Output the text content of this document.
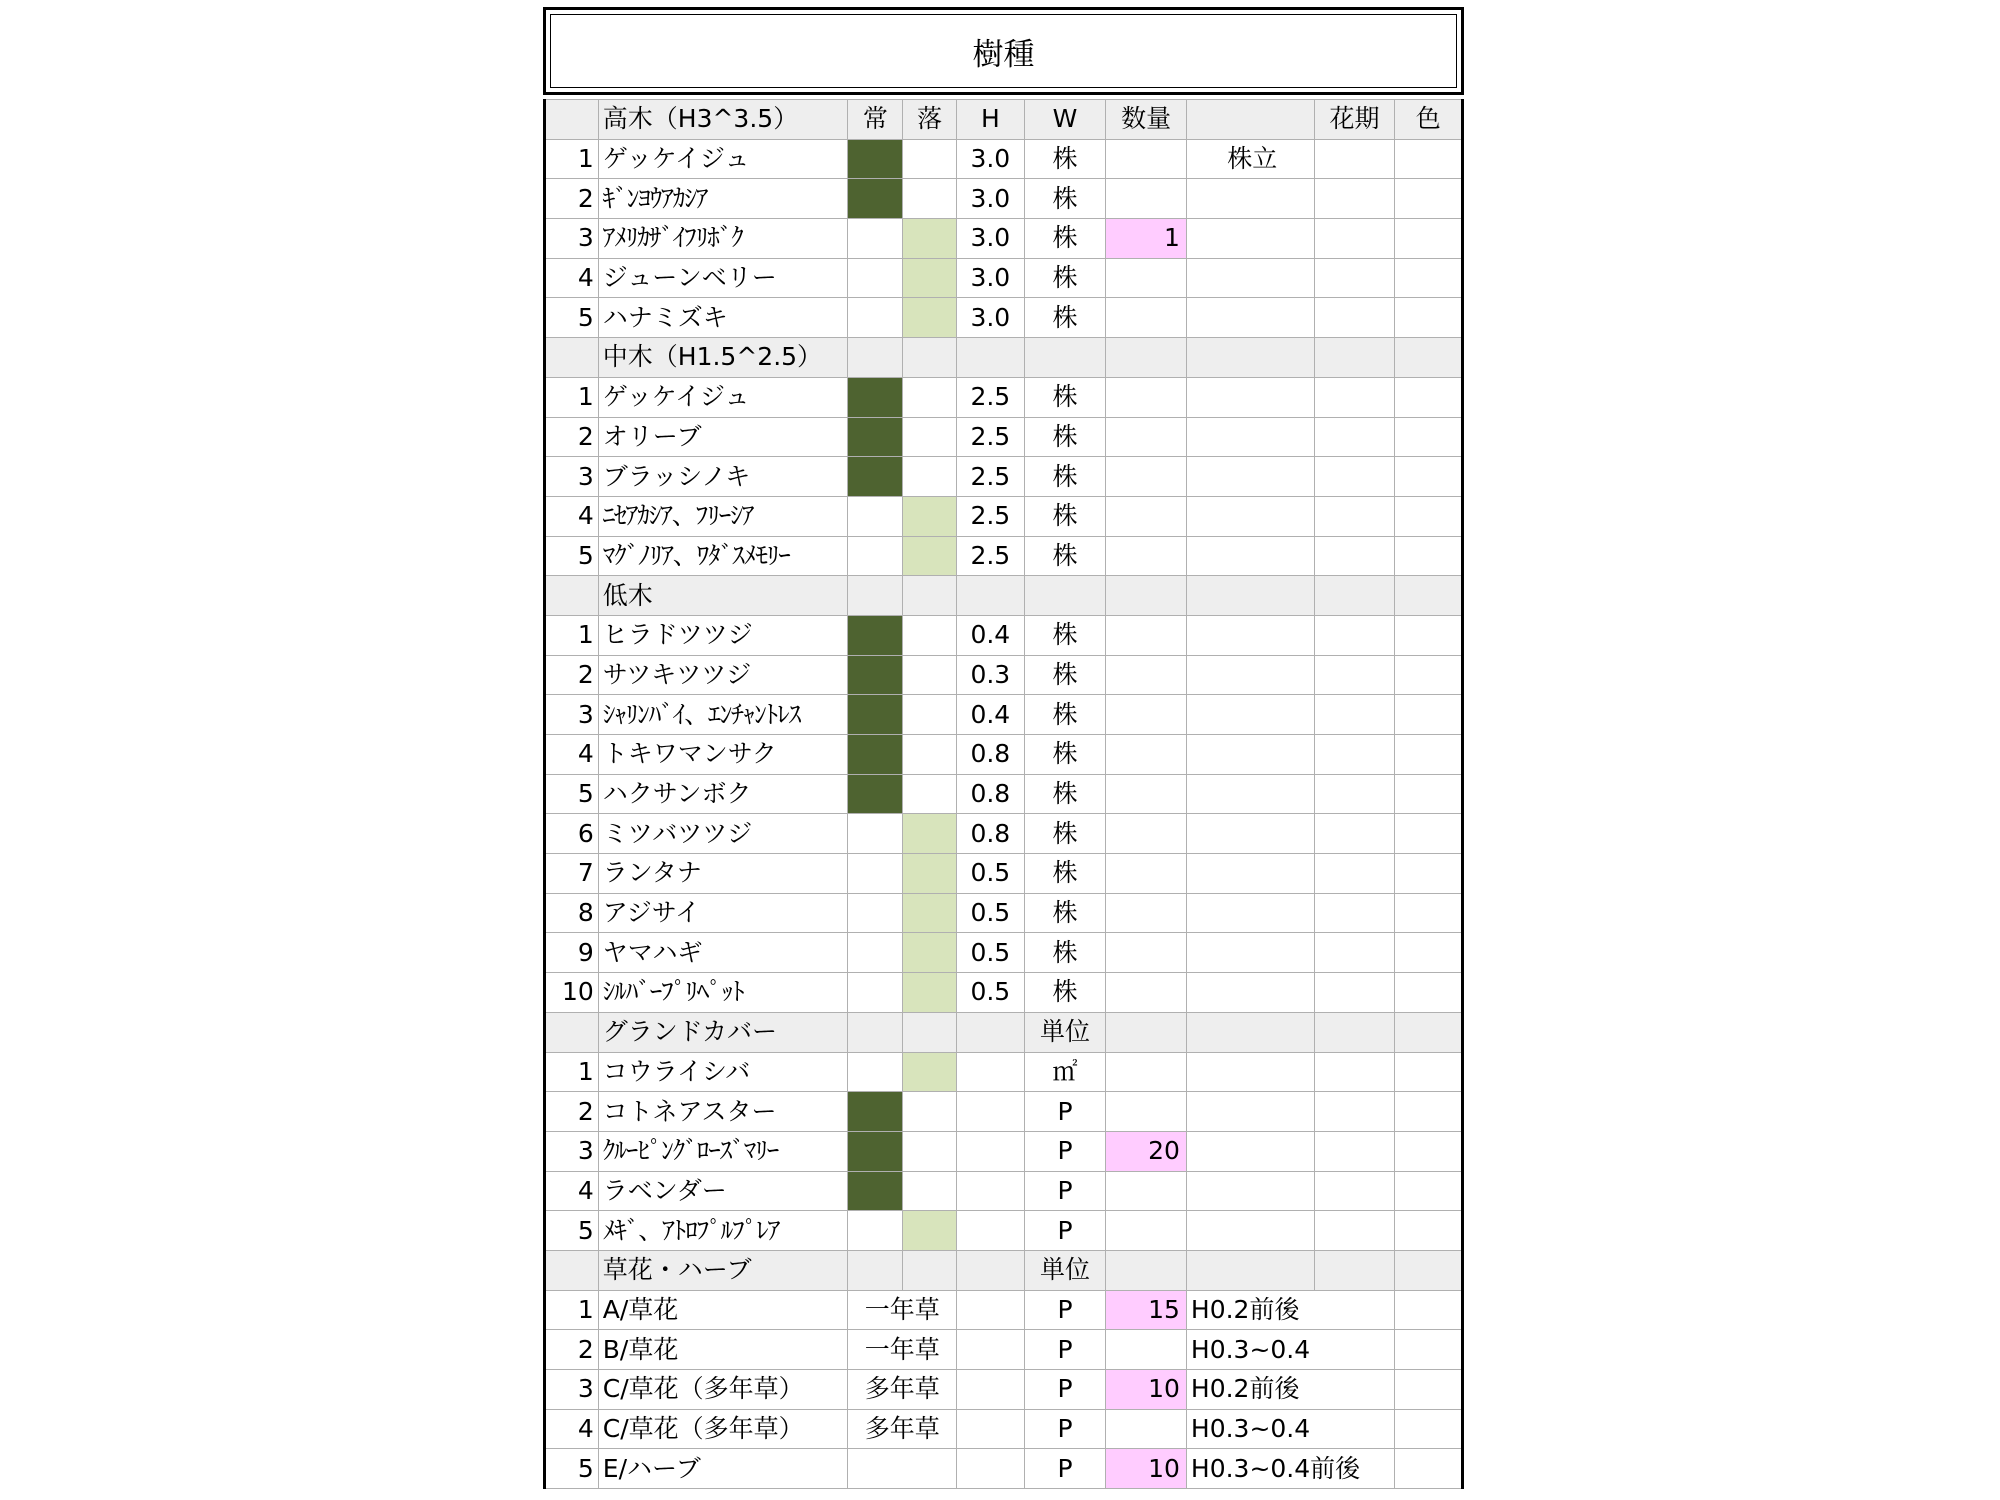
樹種
	高木（H3^3.5）	常	落	H	W	数量		花期	色
1	ゲッケイジュ			3.0	株		株立		
2	ｷﾞﾝﾖｳｱｶｼｱ			3.0	株				
3	ｱﾒﾘｶｻﾞｲﾌﾘﾎﾞｸ			3.0	株	1			
4	ジューンベリー			3.0	株				
5	ハナミズキ			3.0	株				
	中木（H1.5^2.5）								
1	ゲッケイジュ			2.5	株				
2	オリーブ			2.5	株				
3	ブラッシノキ			2.5	株				
4	ﾆｾｱｶｼｱ、ﾌﾘｰｼｱ			2.5	株				
5	ﾏｸﾞﾉﾘｱ、ﾜﾀﾞｽﾒﾓﾘｰ			2.5	株				
	低木								
1	ヒラドツツジ			0.4	株				
2	サツキツツジ			0.3	株				
3	ｼｬﾘﾝﾊﾞｲ、ｴﾝﾁｬﾝﾄﾚｽ			0.4	株				
4	トキワマンサク			0.8	株				
5	ハクサンボク			0.8	株				
6	ミツバツツジ			0.8	株				
7	ランタナ			0.5	株				
8	アジサイ			0.5	株				
9	ヤマハギ			0.5	株				
10	ｼﾙﾊﾞｰﾌﾟﾘﾍﾟｯﾄ			0.5	株				
	グランドカバー				単位				
1	コウライシバ				㎡				
2	コトネアスター				P				
3	ｸﾙｰﾋﾟﾝｸﾞﾛｰｽﾞﾏﾘｰ				P	20			
4	ラベンダー				P				
5	ﾒｷﾞ、ｱﾄﾛﾌﾟﾙﾌﾟﾚｱ				P				
	草花・ハーブ				単位				
1	A/草花	一年草			P	15	H0.2前後		
2	B/草花	一年草			P		H0.3~0.4		
3	C/草花（多年草）	多年草			P	10	H0.2前後		
4	C/草花（多年草）	多年草			P		H0.3~0.4		
5	E/ハーブ				P	10	H0.3~0.4前後		
